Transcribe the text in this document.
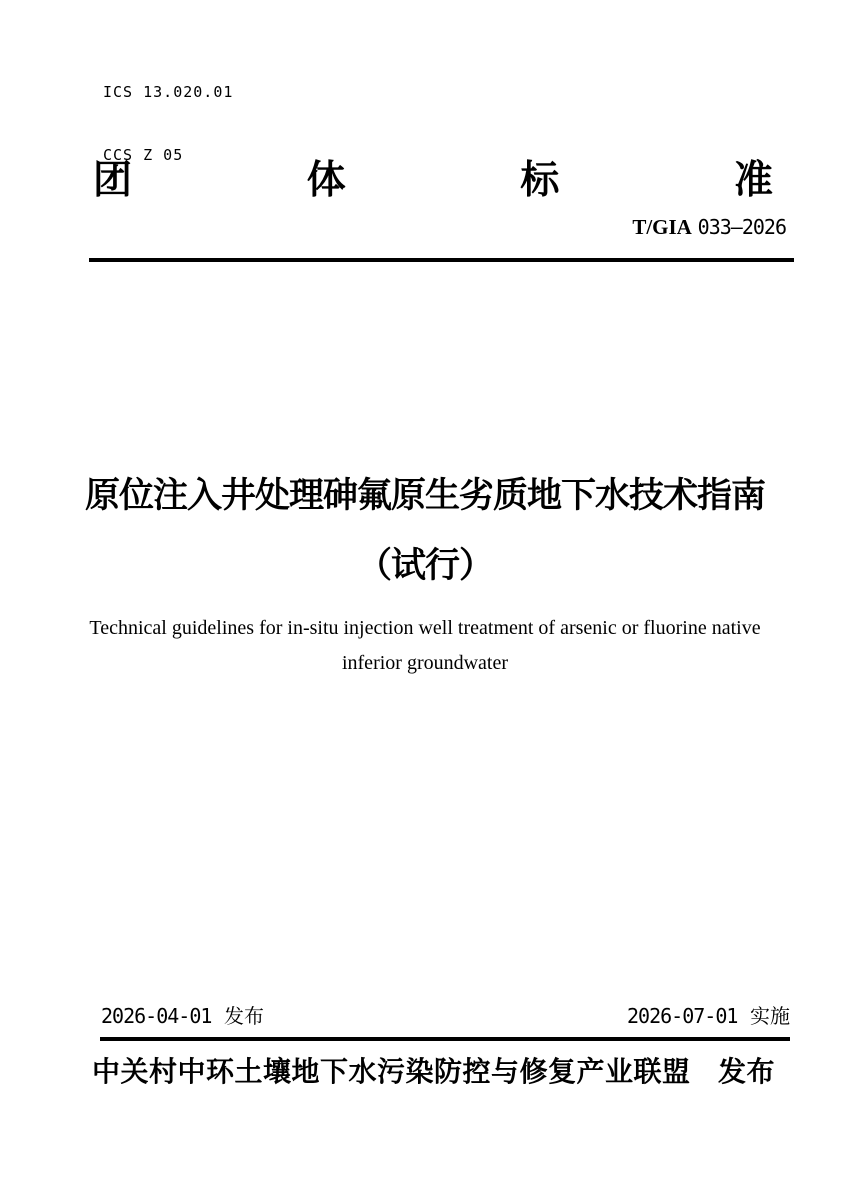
ICS 13.020.01

CCS Z 05

团	体	标	准
T/GIA 033—2026
原位注入井处理砷氟原生劣质地下水技术指南
（试行）
Technical guidelines for in-situ injection well treatment of arsenic or fluorine native
inferior groundwater
2026-04-01 发布	2026-07-01 实施
中关村中环土壤地下水污染防控与修复产业联盟 发布
